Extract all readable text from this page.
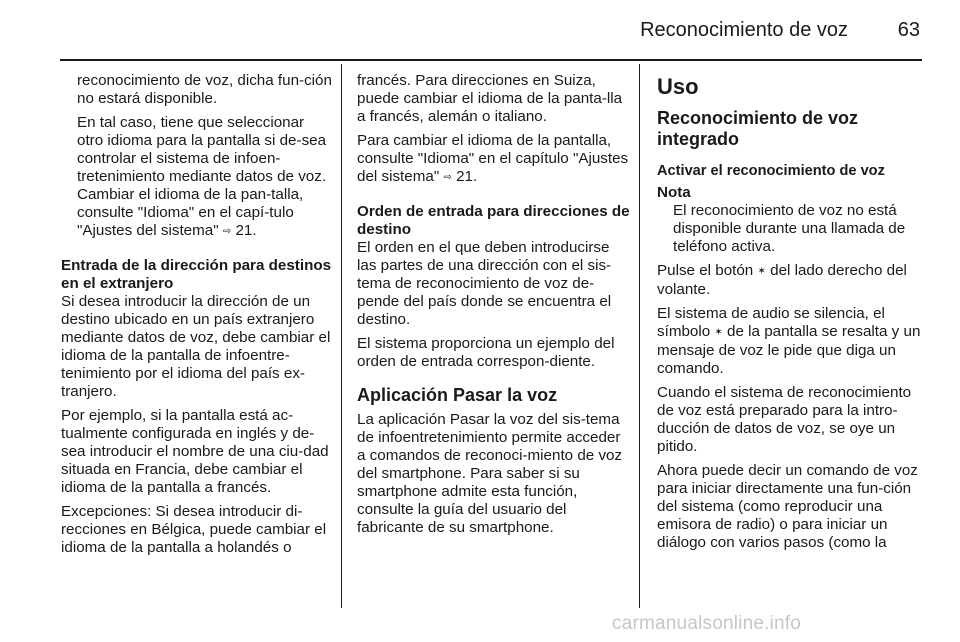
Reconocimiento de voz	63

reconocimiento de voz, dicha fun-ción no estará disponible.

En tal caso, tiene que seleccionar otro idioma para la pantalla si de-sea controlar el sistema de infoen-tretenimiento mediante datos de voz. Cambiar el idioma de la pan-talla, consulte "Idioma" en el capí-tulo "Ajustes del sistema" ⇨ 21.

Entrada de la dirección para destinos en el extranjero

Si desea introducir la dirección de un destino ubicado en un país extranjero mediante datos de voz, debe cambiar el idioma de la pantalla de infoentre-tenimiento por el idioma del país ex-tranjero.

Por ejemplo, si la pantalla está ac-tualmente configurada en inglés y de-sea introducir el nombre de una ciu-dad situada en Francia, debe cambiar el idioma de la pantalla a francés.

Excepciones: Si desea introducir di-recciones en Bélgica, puede cambiar el idioma de la pantalla a holandés o

francés. Para direcciones en Suiza, puede cambiar el idioma de la panta-lla a francés, alemán o italiano.

Para cambiar el idioma de la pantalla, consulte "Idioma" en el capítulo "Ajustes del sistema" ⇨ 21.

Orden de entrada para direcciones de destino

El orden en el que deben introducirse las partes de una dirección con el sis-tema de reconocimiento de voz de-pende del país donde se encuentra el destino.

El sistema proporciona un ejemplo del orden de entrada correspon-diente.

Aplicación Pasar la voz

La aplicación Pasar la voz del sis-tema de infoentretenimiento permite acceder a comandos de reconoci-miento de voz del smartphone. Para saber si su smartphone admite esta función, consulte la guía del usuario del fabricante de su smartphone.

Uso
Reconocimiento de voz integrado
Activar el reconocimiento de voz

Nota

El reconocimiento de voz no está disponible durante una llamada de teléfono activa.

Pulse el botón ✶ del lado derecho del volante.

El sistema de audio se silencia, el símbolo ✶ de la pantalla se resalta y un mensaje de voz le pide que diga un comando.

Cuando el sistema de reconocimiento de voz está preparado para la intro-ducción de datos de voz, se oye un pitido.

Ahora puede decir un comando de voz para iniciar directamente una fun-ción del sistema (como reproducir una emisora de radio) o para iniciar un diálogo con varios pasos (como la

carmanualsonline.info
